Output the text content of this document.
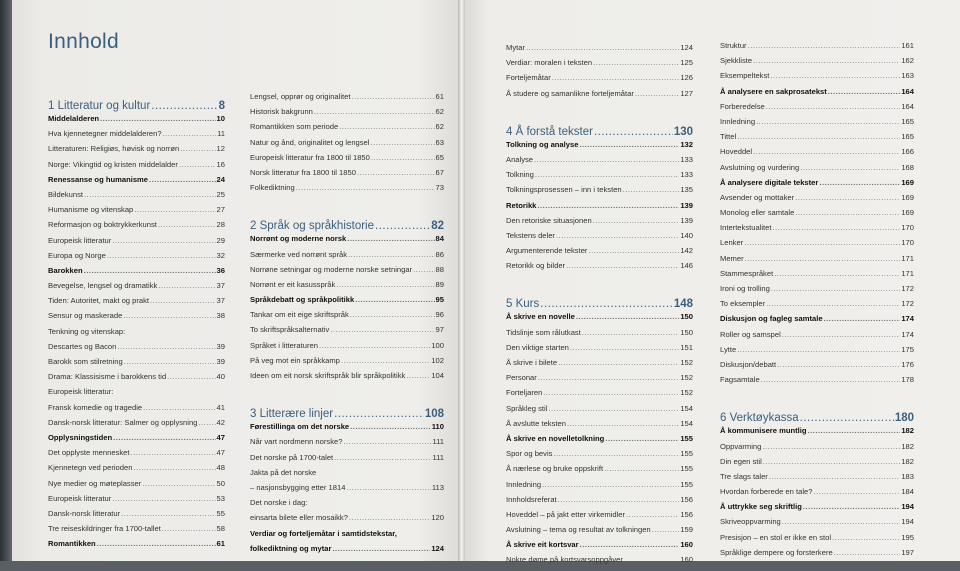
Innhold
1 Litteratur og kultur .....	8
Middelalderen .....	10
Hva kjennetegner middelalderen? .....	11
Litteraturen: Religiøs, høvisk og norrøn .....	12
Norge: Vikingtid og kristen middelalder .....	16
Renessanse og humanisme .....	24
Bildekunst .....	25
Humanisme og vitenskap .....	27
Reformasjon og boktrykkerkunst .....	28
Europeisk litteratur .....	29
Europa og Norge .....	32
Barokken .....	36
Bevegelse, lengsel og dramatikk .....	37
Tiden: Autoritet, makt og prakt .....	37
Sensur og maskerade .....	38
Tenkning og vitenskap:
Descartes og Bacon .....	39
Barokk som stilretning .....	39
Drama: Klassisisme i barokkens tid .....	40
Europeisk litteratur:
Fransk komedie og tragedie .....	41
Dansk-norsk litteratur: Salmer og opplysning .....	42
Opplysningstiden .....	47
Det opplyste mennesket .....	47
Kjennetegn ved perioden .....	48
Nye medier og møteplasser .....	50
Europeisk litteratur .....	53
Dansk-norsk litteratur .....	55
Tre reiseskildringer fra 1700-tallet .....	58
Romantikken .....	61
Lengsel, opprør og originalitet .....	61
Historisk bakgrunn .....	62
Romantikken som periode .....	62
Natur og ånd, originalitet og lengsel .....	63
Europeisk litteratur fra 1800 til 1850 .....	65
Norsk litteratur fra 1800 til 1850 .....	67
Folkediktning .....	73
2 Språk og språkhistorie .....	82
Norrønt og moderne norsk .....	84
Særmerke ved norrønt språk .....	86
Norrøne setningar og moderne norske setningar .....	88
Norrønt er eit kasusspråk .....	89
Språkdebatt og språkpolitikk .....	95
Tankar om eit eige skriftspråk .....	96
To skriftspråksalternativ .....	97
Språket i litteraturen .....	100
På veg mot ein språkkamp .....	102
Ideen om eit norsk skriftspråk blir språkpolitikk .....	104
3 Litterære linjer .....	108
Førestillinga om det norske .....	110
Når vart nordmenn norske? .....	111
Det norske på 1700-talet .....	111
Jakta på det norske
– nasjonsbygging etter 1814 .....	113
Det norske i dag:
einsarta bilete eller mosaikk? .....	120
Verdiar og forteljemåtar i samtidstekstar,
folkediktning og mytar .....	124
Mytar .....	124
Verdiar: moralen i teksten .....	125
Forteljemåtar .....	126
Å studere og samanlikne forteljemåtar .....	127
4 Å forstå tekster .....	130
Tolkning og analyse .....	132
Analyse .....	133
Tolkning .....	133
Tolkningsprosessen – inn i teksten .....	135
Retorikk .....	139
Den retoriske situasjonen .....	139
Tekstens deler .....	140
Argumenterende tekster .....	142
Retorikk og bilder .....	146
5 Kurs .....	148
Å skrive en novelle .....	150
Tidslinje som rålutkast .....	150
Den viktige starten .....	151
Å skrive i bilete .....	152
Personar .....	152
Forteljaren .....	152
Språkleg stil .....	154
Å avslutte teksten .....	154
Å skrive en novelletolkning .....	155
Spor og bevis .....	155
Å nærlese og bruke oppskrift .....	155
Innledning .....	155
Innholdsreferat .....	156
Hoveddel – på jakt etter virkemidler .....	156
Avslutning – tema og resultat av tolkningen .....	159
Å skrive eit kortsvar .....	160
Nokre døme på kortsvarsoppgåver .....	160
Struktur .....	161
Sjekkliste .....	162
Eksempeltekst .....	163
Å analysere en sakprosatekst .....	164
Forberedelse .....	164
Innledning .....	165
Tittel .....	165
Hoveddel .....	166
Avslutning og vurdering .....	168
Å analysere digitale tekster .....	169
Avsender og mottaker .....	169
Monolog eller samtale .....	169
Intertekstualitet .....	170
Lenker .....	170
Memer .....	171
Stammespråket .....	171
Ironi og trolling .....	172
To eksempler .....	172
Diskusjon og fagleg samtale .....	174
Roller og samspel .....	174
Lytte .....	175
Diskusjon/debatt .....	176
Fagsamtale .....	178
6 Verktøykassa .....	180
Å kommunisere muntlig .....	182
Oppvarming .....	182
Din egen stil .....	182
Tre slags taler .....	183
Hvordan forberede en tale? .....	184
Å uttrykke seg skriftlig .....	194
Skriveoppvarming .....	194
Presisjon – en stol er ikke en stol .....	195
Språklige dempere og forsterkere .....	197
